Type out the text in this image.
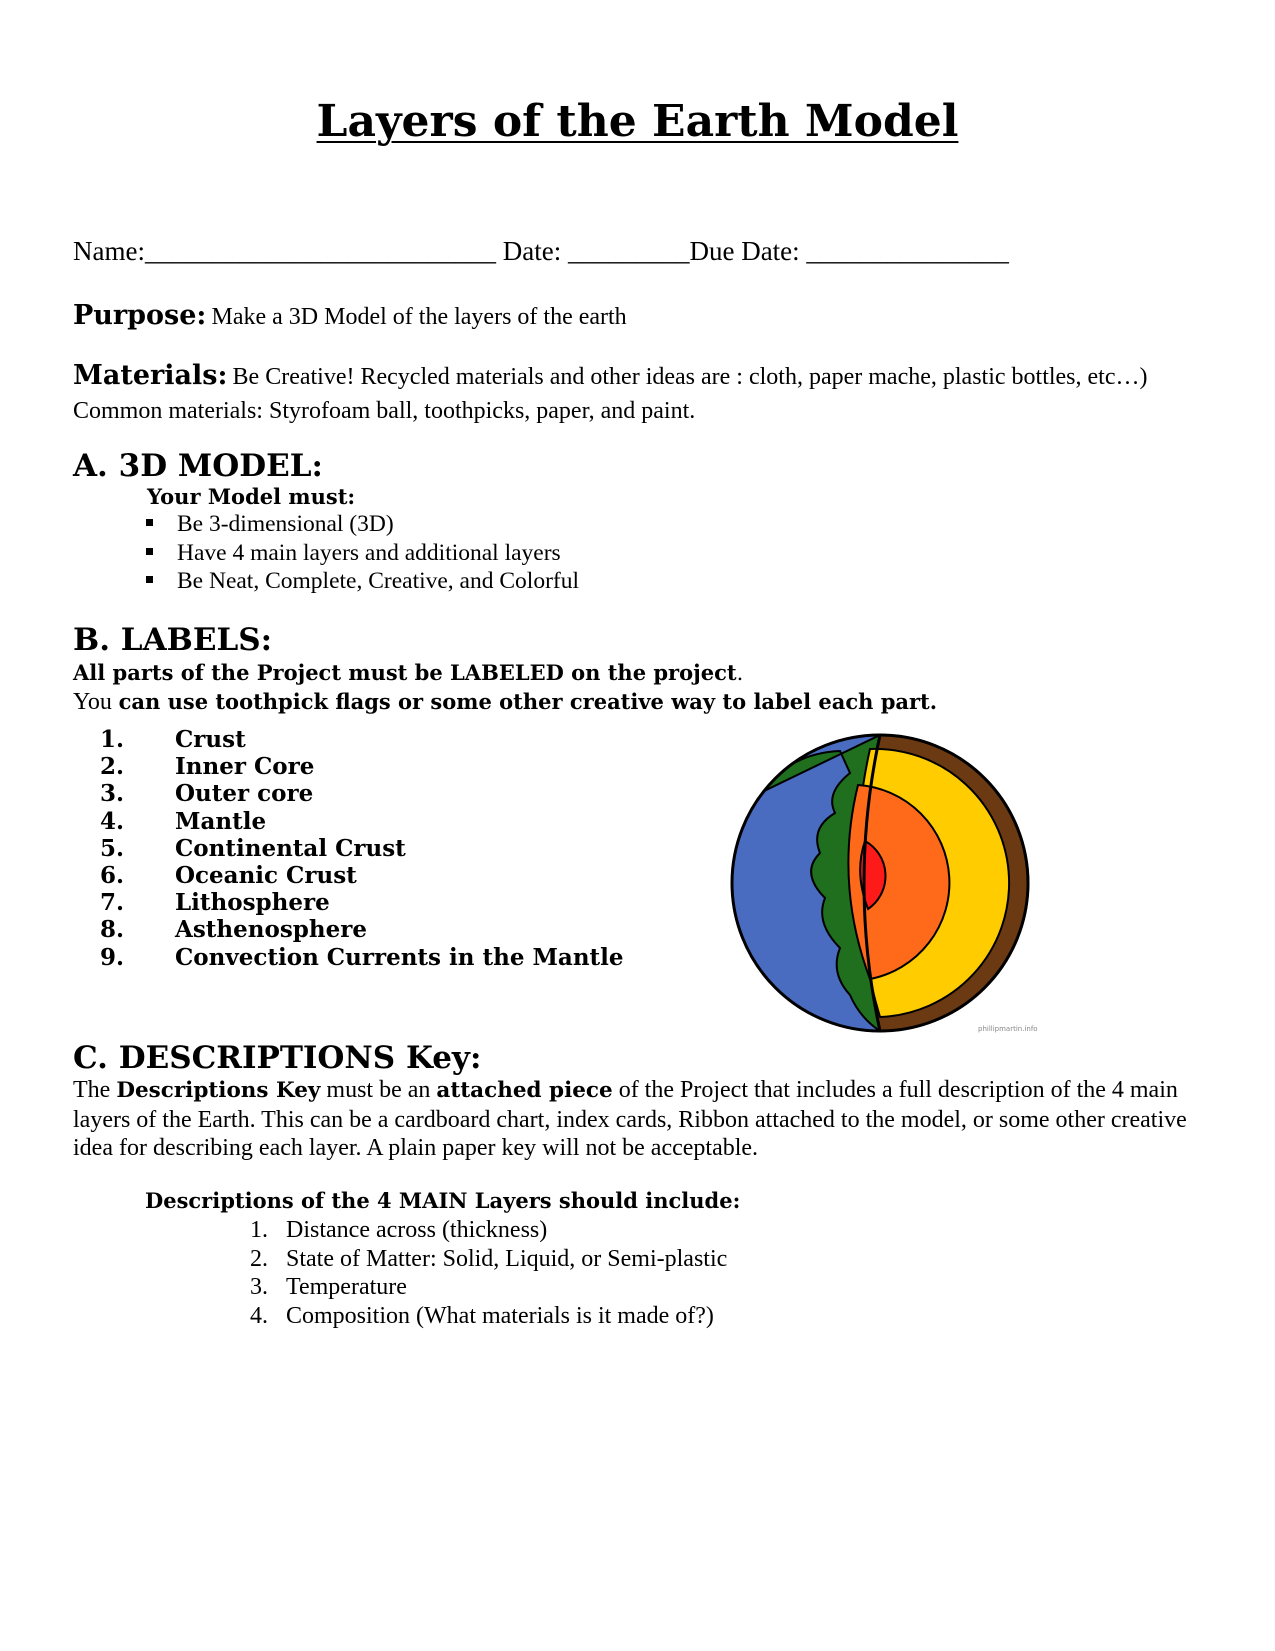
Layers of the Earth Model
Name:__________________________ Date: _________Due Date: _______________
Purpose: Make a 3D Model of the layers of the earth
Materials: Be Creative! Recycled materials and other ideas are : cloth, paper mache, plastic bottles, etc…) Common materials: Styrofoam ball, toothpicks, paper, and paint.
A. 3D MODEL:
Your Model must:
Be 3-dimensional (3D)
Have 4 main layers and additional layers
Be Neat, Complete, Creative, and Colorful
B. LABELS:
All parts of the Project must be LABELED on the project.
You can use toothpick flags or some other creative way to label each part.
1. Crust
2. Inner Core
3. Outer core
4. Mantle
5. Continental Crust
6. Oceanic Crust
7. Lithosphere
8. Asthenosphere
9. Convection Currents in the Mantle
phillipmartin.info
C. DESCRIPTIONS Key:
The Descriptions Key must be an attached piece of the Project that includes a full description of the 4 main layers of the Earth. This can be a cardboard chart, index cards, Ribbon attached to the model, or some other creative idea for describing each layer. A plain paper key will not be acceptable.
Descriptions of the 4 MAIN Layers should include:
1. Distance across (thickness)
2. State of Matter: Solid, Liquid, or Semi-plastic
3. Temperature
4. Composition (What materials is it made of?)
